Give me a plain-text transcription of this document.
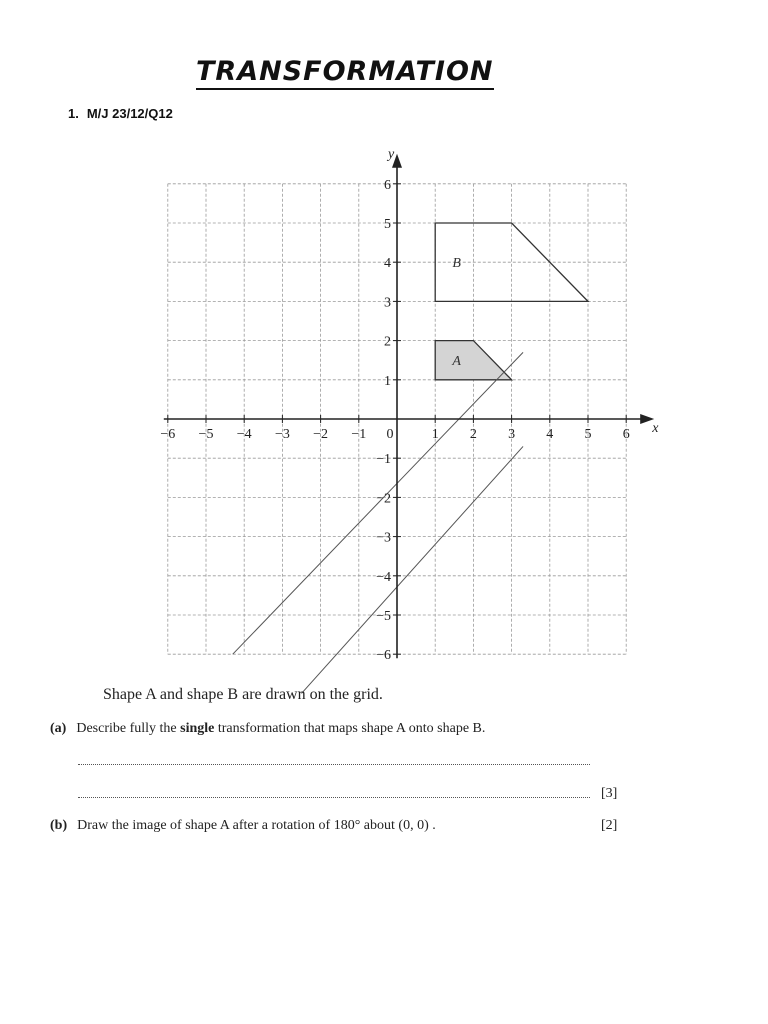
TRANSFORMATION
1. M/J 23/12/Q12
A
B
x
y
−6 −5 −4 −3 −2 −1 0	1 2 3 4 5 6
6
5
4
3
2
1
−1
−2
−3
−4
−5
−6
Shape A and shape B are drawn on the grid.
(a) Describe fully the single transformation that maps shape A onto shape B.
[3]
(b) Draw the image of shape A after a rotation of 180° about (0, 0) .	[2]
